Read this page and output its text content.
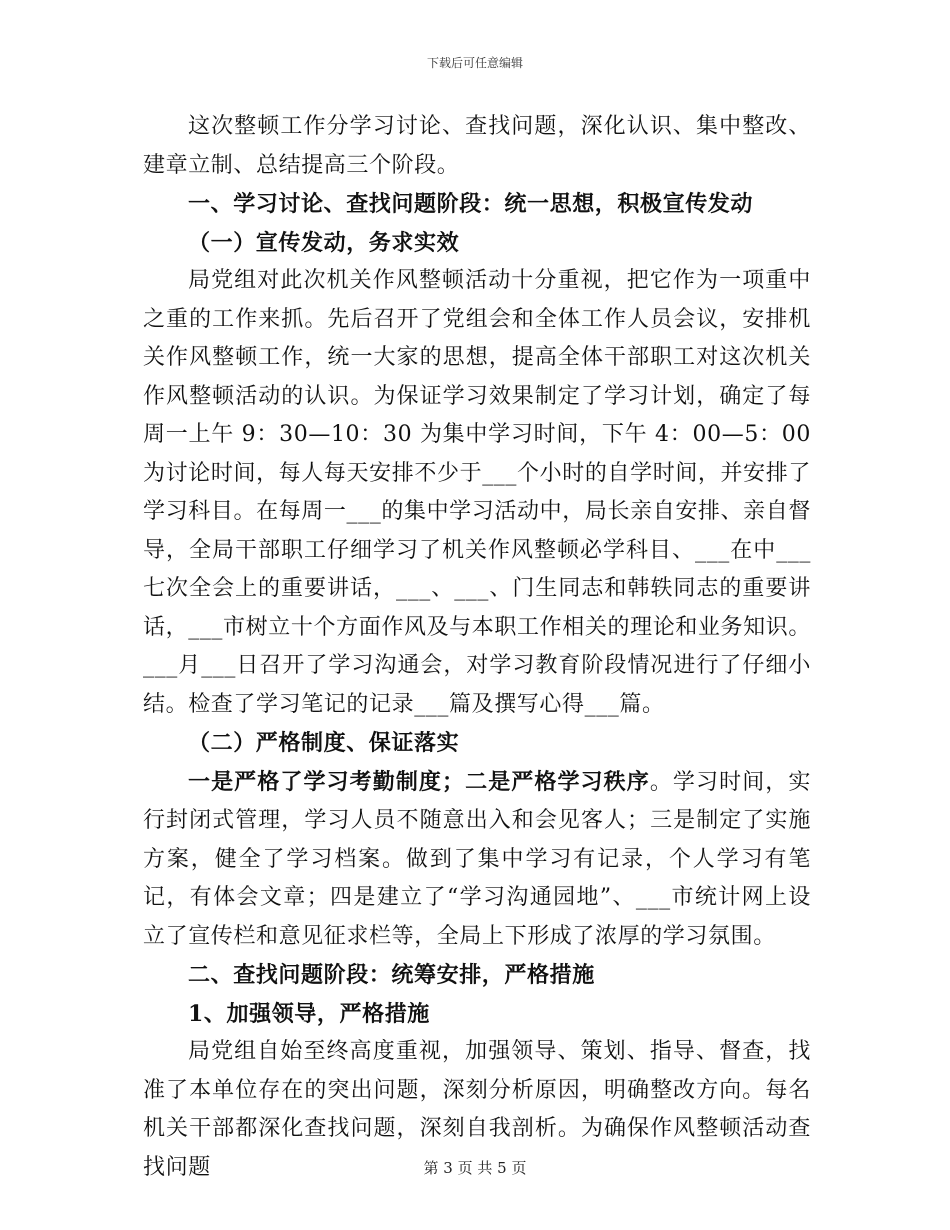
下载后可任意编辑

这次整顿工作分学习讨论、查找问题，深化认识、集中整改、建章立制、总结提高三个阶段。

一、学习讨论、查找问题阶段：统一思想，积极宣传发动

（一）宣传发动，务求实效

局党组对此次机关作风整顿活动十分重视，把它作为一项重中之重的工作来抓。先后召开了党组会和全体工作人员会议，安排机关作风整顿工作，统一大家的思想，提高全体干部职工对这次机关作风整顿活动的认识。为保证学习效果制定了学习计划，确定了每周一上午 9：30—10：30 为集中学习时间，下午 4：00—5：00 为讨论时间，每人每天安排不少于___个小时的自学时间，并安排了学习科目。在每周一___的集中学习活动中，局长亲自安排、亲自督导，全局干部职工仔细学习了机关作风整顿必学科目、___在中___七次全会上的重要讲话，___、___、门生同志和韩轶同志的重要讲话，___市树立十个方面作风及与本职工作相关的理论和业务知识。___月___日召开了学习沟通会，对学习教育阶段情况进行了仔细小结。检查了学习笔记的记录___篇及撰写心得___篇。

（二）严格制度、保证落实

一是严格了学习考勤制度；二是严格学习秩序。学习时间，实行封闭式管理，学习人员不随意出入和会见客人；三是制定了实施方案，健全了学习档案。做到了集中学习有记录，个人学习有笔记，有体会文章；四是建立了“学习沟通园地”、___市统计网上设立了宣传栏和意见征求栏等，全局上下形成了浓厚的学习氛围。

二、查找问题阶段：统筹安排，严格措施

1、加强领导，严格措施

局党组自始至终高度重视，加强领导、策划、指导、督查，找准了本单位存在的突出问题，深刻分析原因，明确整改方向。每名机关干部都深化查找问题，深刻自我剖析。为确保作风整顿活动查找问题	第 3 页 共 5 页
